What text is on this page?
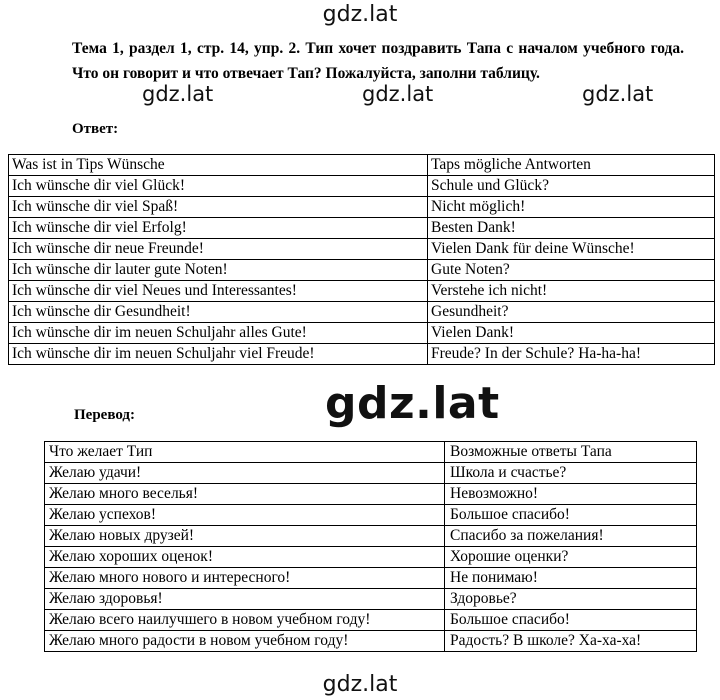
gdz.lat
Тема 1, раздел 1, стр. 14, упр. 2. Тип хочет поздравить Тапа с началом учебного года. Что он говорит и что отвечает Тап? Пожалуйста, заполни таблицу.
gdz.lat	gdz.lat	gdz.lat
Ответ:
Was ist in Tips Wünsche	Taps mögliche Antworten
Ich wünsche dir viel Glück!	Schule und Glück?
Ich wünsche dir viel Spaß!	Nicht möglich!
Ich wünsche dir viel Erfolg!	Besten Dank!
Ich wünsche dir neue Freunde!	Vielen Dank für deine Wünsche!
Ich wünsche dir lauter gute Noten!	Gute Noten?
Ich wünsche dir viel Neues und Interessantes!	Verstehe ich nicht!
Ich wünsche dir Gesundheit!	Gesundheit?
Ich wünsche dir im neuen Schuljahr alles Gute!	Vielen Dank!
Ich wünsche dir im neuen Schuljahr viel Freude!	Freude? In der Schule? Ha-ha-ha!
gdz.lat
Перевод:
Что желает Тип	Возможные ответы Тапа
Желаю удачи!	Школа и счастье?
Желаю много веселья!	Невозможно!
Желаю успехов!	Большое спасибо!
Желаю новых друзей!	Спасибо за пожелания!
Желаю хороших оценок!	Хорошие оценки?
Желаю много нового и интересного!	Не понимаю!
Желаю здоровья!	Здоровье?
Желаю всего наилучшего в новом учебном году!	Большое спасибо!
Желаю много радости в новом учебном году!	Радость? В школе? Ха-ха-ха!
gdz.lat
